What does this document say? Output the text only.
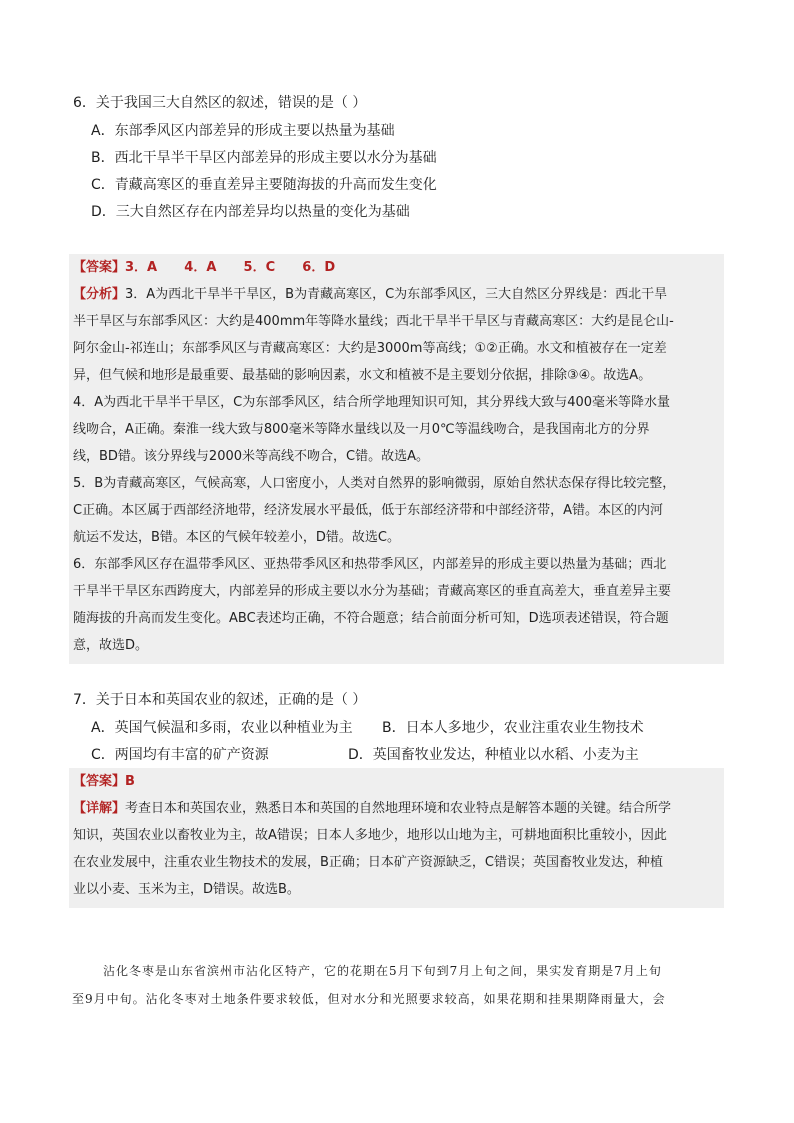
6．关于我国三大自然区的叙述，错误的是（ ）
A．东部季风区内部差异的形成主要以热量为基础
B．西北干旱半干旱区内部差异的形成主要以水分为基础
C．青藏高寒区的垂直差异主要随海拔的升高而发生变化
D．三大自然区存在内部差异均以热量的变化为基础
【答案】3．A      4．A      5．C      6．D
【分析】3．A为西北干旱半干旱区，B为青藏高寒区，C为东部季风区，三大自然区分界线是：西北干旱
半干旱区与东部季风区：大约是400mm年等降水量线；西北干旱半干旱区与青藏高寒区：大约是昆仑山-
阿尔金山-祁连山；东部季风区与青藏高寒区：大约是3000m等高线；①②正确。水文和植被存在一定差
异，但气候和地形是最重要、最基础的影响因素，水文和植被不是主要划分依据，排除③④。故选A。
4．A为西北干旱半干旱区，C为东部季风区，结合所学地理知识可知，其分界线大致与400毫米等降水量
线吻合，A正确。秦淮一线大致与800毫米等降水量线以及一月0℃等温线吻合，是我国南北方的分界
线，BD错。该分界线与2000米等高线不吻合，C错。故选A。
5．B为青藏高寒区，气候高寒，人口密度小，人类对自然界的影响微弱，原始自然状态保存得比较完整，
C正确。本区属于西部经济地带，经济发展水平最低，低于东部经济带和中部经济带，A错。本区的内河
航运不发达，B错。本区的气候年较差小，D错。故选C。
6．东部季风区存在温带季风区、亚热带季风区和热带季风区，内部差异的形成主要以热量为基础；西北
干旱半干旱区东西跨度大，内部差异的形成主要以水分为基础；青藏高寒区的垂直高差大，垂直差异主要
随海拔的升高而发生变化。ABC表述均正确，不符合题意；结合前面分析可知，D选项表述错误，符合题
意，故选D。
7．关于日本和英国农业的叙述，正确的是（ ）
A．英国气候温和多雨，农业以种植业为主 B．日本人多地少，农业注重农业生物技术
C．两国均有丰富的矿产资源	D．英国畜牧业发达，种植业以水稻、小麦为主
【答案】B
【详解】考查日本和英国农业，熟悉日本和英国的自然地理环境和农业特点是解答本题的关键。结合所学
知识，英国农业以畜牧业为主，故A错误；日本人多地少，地形以山地为主，可耕地面积比重较小，因此
在农业发展中，注重农业生物技术的发展，B正确；日本矿产资源缺乏，C错误；英国畜牧业发达，种植
业以小麦、玉米为主，D错误。故选B。
沾化冬枣是山东省滨州市沾化区特产，它的花期在5月下旬到7月上旬之间，果实发育期是7月上旬
至9月中旬。沾化冬枣对土地条件要求较低，但对水分和光照要求较高，如果花期和挂果期降雨量大，会
